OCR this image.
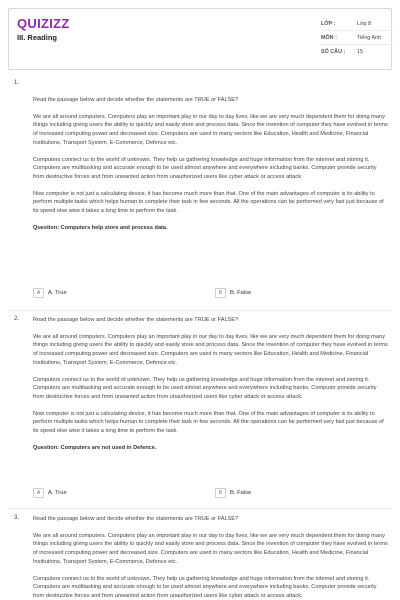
QUIZIZZ
III. Reading
LỚP :	Lớp 8
MÔN :	Tiếng Anh
SỐ CÂU :	15
1.

Read the passage below and decide whether the statements are TRUE or FALSE?

We are all around computers. Computers play an important play in our day to day lives, like we are very much dependent them for doing many things including giving users the ability to quickly and easily store and process data. Since the invention of computer they have evolved in terms of increased computing power and decreased size. Computers are used in many sectors like Education, Health and Medicine, Financial Institutions, Transport System, E-Commerce, Defence etc.

Computers connect us to the world of unknown. They help us gathering knowledge and huge information from the internet and storing it. Computers are multitasking and accurate enough to be used almost anywhere and everywhere including banks. Computer provide security from destructive forces and from unwanted action from unauthorized users like cyber attack or access attack.

Now computer is not just a calculating device, it has become much more than that. One of the main advantages of computer is its ability to perform multiple tasks which helps human to complete their task in few seconds. All the operations can be performed very fast just because of its speed else wise it takes a long time to perform the task.

Question: Computers help store and process data.

A	A. True	B	B. False
2. Read the passage below and decide whether the statements are TRUE or FALSE?

We are all around computers. Computers play an important play in our day to day lives, like we are very much dependent them for doing many things including giving users the ability to quickly and easily store and process data. Since the invention of computer they have evolved in terms of increased computing power and decreased size. Computers are used in many sectors like Education, Health and Medicine, Financial Institutions, Transport System, E-Commerce, Defence etc.

Computers connect us to the world of unknown. They help us gathering knowledge and huge information from the internet and storing it. Computers are multitasking and accurate enough to be used almost anywhere and everywhere including banks. Computer provide security from destructive forces and from unwanted action from unauthorized users like cyber attack or access attack.

Now computer is not just a calculating device, it has become much more than that. One of the main advantages of computer is its ability to perform multiple tasks which helps human to complete their task in few seconds. All the operations can be performed very fast just because of its speed else wise it takes a long time to perform the task.

Question: Computers are not used in Defence.

A	A. True	B	B. False
3. Read the passage below and decide whether the statements are TRUE or FALSE?

We are all around computers. Computers play an important play in our day to day lives, like we are very much dependent them for doing many things including giving users the ability to quickly and easily store and process data. Since the invention of computer they have evolved in terms of increased computing power and decreased size. Computers are used in many sectors like Education, Health and Medicine, Financial Institutions, Transport System, E-Commerce, Defence etc.

Computers connect us to the world of unknown. They help us gathering knowledge and huge information from the internet and storing it. Computers are multitasking and accurate enough to be used almost anywhere and everywhere including banks. Computer provide security from destructive forces and from unwanted action from unauthorized users like cyber attack or access attack.
